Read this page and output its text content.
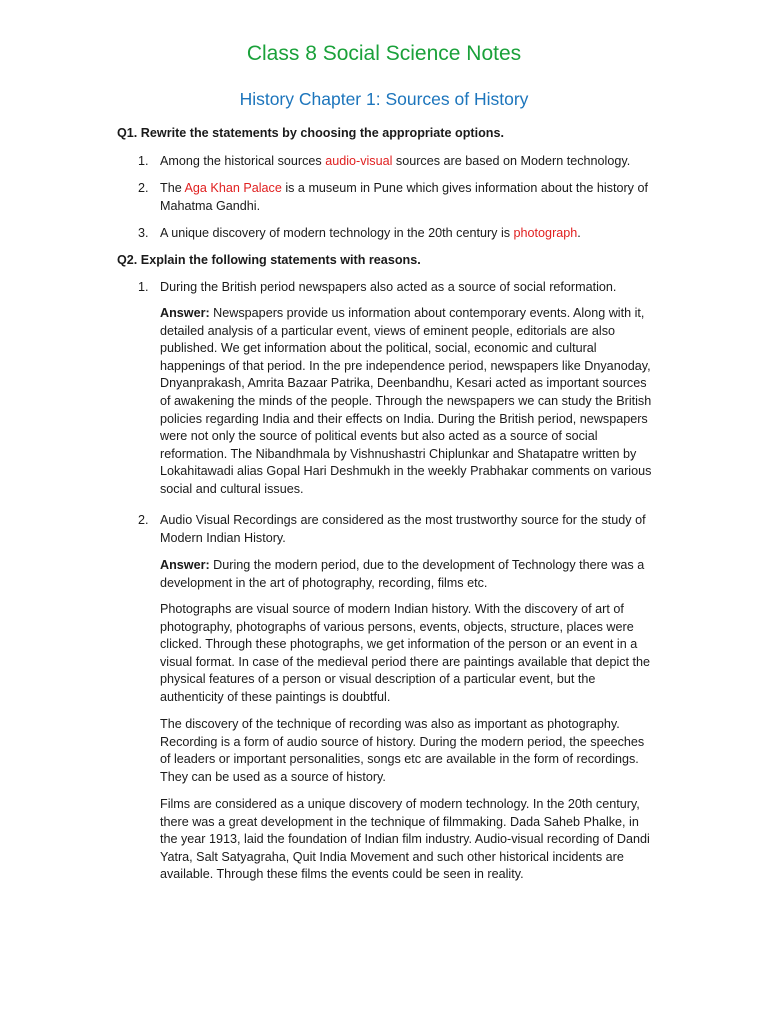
Class 8 Social Science Notes
History Chapter 1: Sources of History
Q1. Rewrite the statements by choosing the appropriate options.
1. Among the historical sources audio-visual sources are based on Modern technology.
2. The Aga Khan Palace is a museum in Pune which gives information about the history of Mahatma Gandhi.
3. A unique discovery of modern technology in the 20th century is photograph.
Q2. Explain the following statements with reasons.
1. During the British period newspapers also acted as a source of social reformation.
Answer: Newspapers provide us information about contemporary events. Along with it, detailed analysis of a particular event, views of eminent people, editorials are also published. We get information about the political, social, economic and cultural happenings of that period. In the pre independence period, newspapers like Dnyanoday, Dnyanprakash, Amrita Bazaar Patrika, Deenbandhu, Kesari acted as important sources of awakening the minds of the people. Through the newspapers we can study the British policies regarding India and their effects on India. During the British period, newspapers were not only the source of political events but also acted as a source of social reformation. The Nibandhmala by Vishnushastri Chiplunkar and Shatapatre written by Lokahitawadi alias Gopal Hari Deshmukh in the weekly Prabhakar comments on various social and cultural issues.
2. Audio Visual Recordings are considered as the most trustworthy source for the study of Modern Indian History.
Answer: During the modern period, due to the development of Technology there was a development in the art of photography, recording, films etc.
Photographs are visual source of modern Indian history. With the discovery of art of photography, photographs of various persons, events, objects, structure, places were clicked. Through these photographs, we get information of the person or an event in a visual format. In case of the medieval period there are paintings available that depict the physical features of a person or visual description of a particular event, but the authenticity of these paintings is doubtful.
The discovery of the technique of recording was also as important as photography. Recording is a form of audio source of history. During the modern period, the speeches of leaders or important personalities, songs etc are available in the form of recordings. They can be used as a source of history.
Films are considered as a unique discovery of modern technology. In the 20th century, there was a great development in the technique of filmmaking. Dada Saheb Phalke, in the year 1913, laid the foundation of Indian film industry. Audio-visual recording of Dandi Yatra, Salt Satyagraha, Quit India Movement and such other historical incidents are available. Through these films the events could be seen in reality.
